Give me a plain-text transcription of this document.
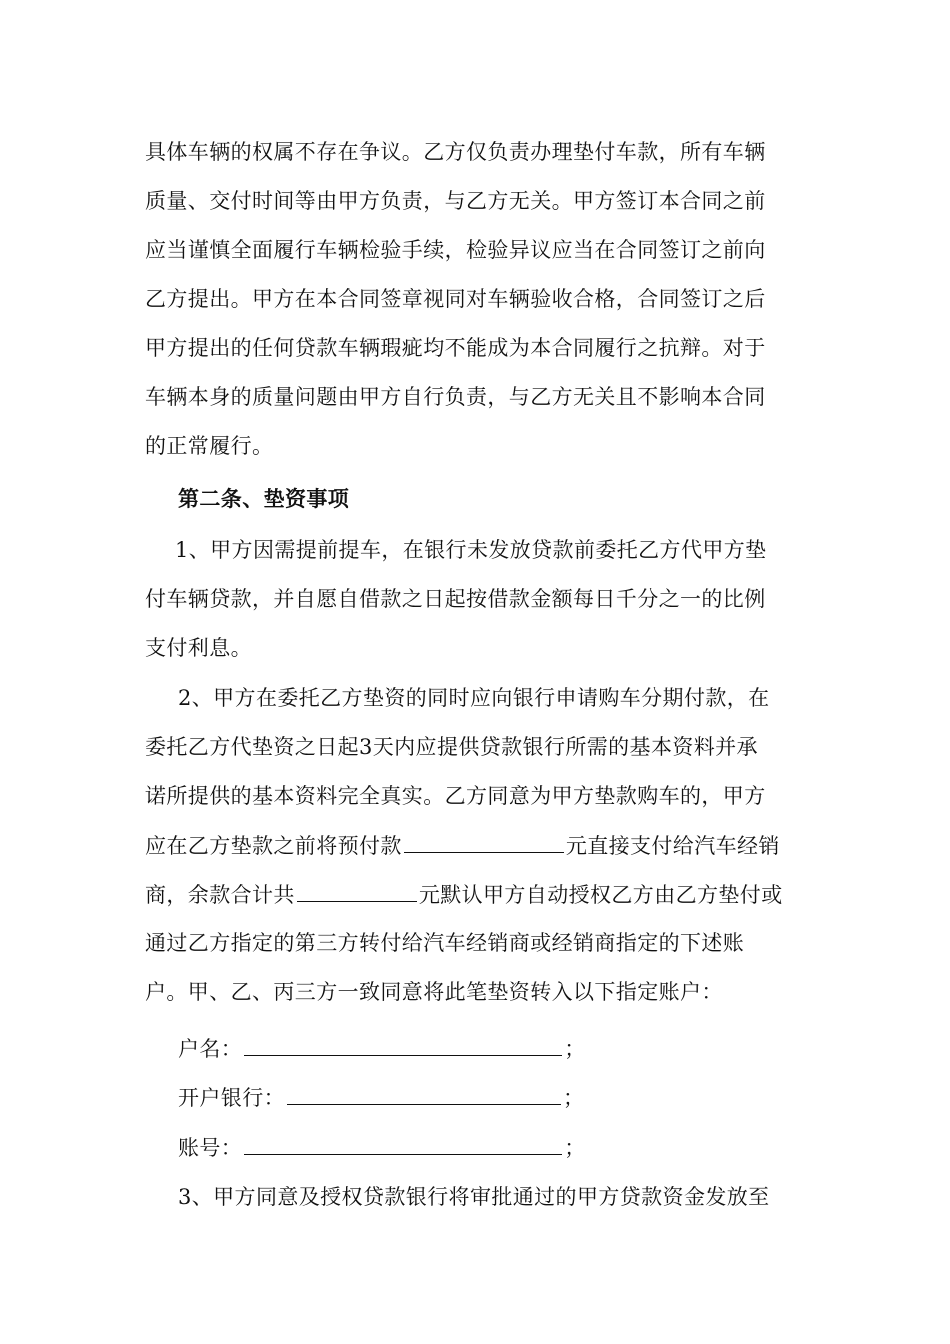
具体车辆的权属不存在争议。乙方仅负责办理垫付车款，所有车辆
质量、交付时间等由甲方负责，与乙方无关。甲方签订本合同之前
应当谨慎全面履行车辆检验手续，检验异议应当在合同签订之前向
乙方提出。甲方在本合同签章视同对车辆验收合格，合同签订之后
甲方提出的任何贷款车辆瑕疵均不能成为本合同履行之抗辩。对于
车辆本身的质量问题由甲方自行负责，与乙方无关且不影响本合同
的正常履行。
第二条、垫资事项
1、甲方因需提前提车，在银行未发放贷款前委托乙方代甲方垫
付车辆贷款，并自愿自借款之日起按借款金额每日千分之一的比例
支付利息。
2、甲方在委托乙方垫资的同时应向银行申请购车分期付款，在
委托乙方代垫资之日起3天内应提供贷款银行所需的基本资料并承
诺所提供的基本资料完全真实。乙方同意为甲方垫款购车的，甲方
应在乙方垫款之前将预付款	元直接支付给汽车经销
商，余款合计共	元默认甲方自动授权乙方由乙方垫付或
通过乙方指定的第三方转付给汽车经销商或经销商指定的下述账
户。甲、乙、丙三方一致同意将此笔垫资转入以下指定账户：
户名：	；
开户银行：	；
账号：	；
3、甲方同意及授权贷款银行将审批通过的甲方贷款资金发放至
